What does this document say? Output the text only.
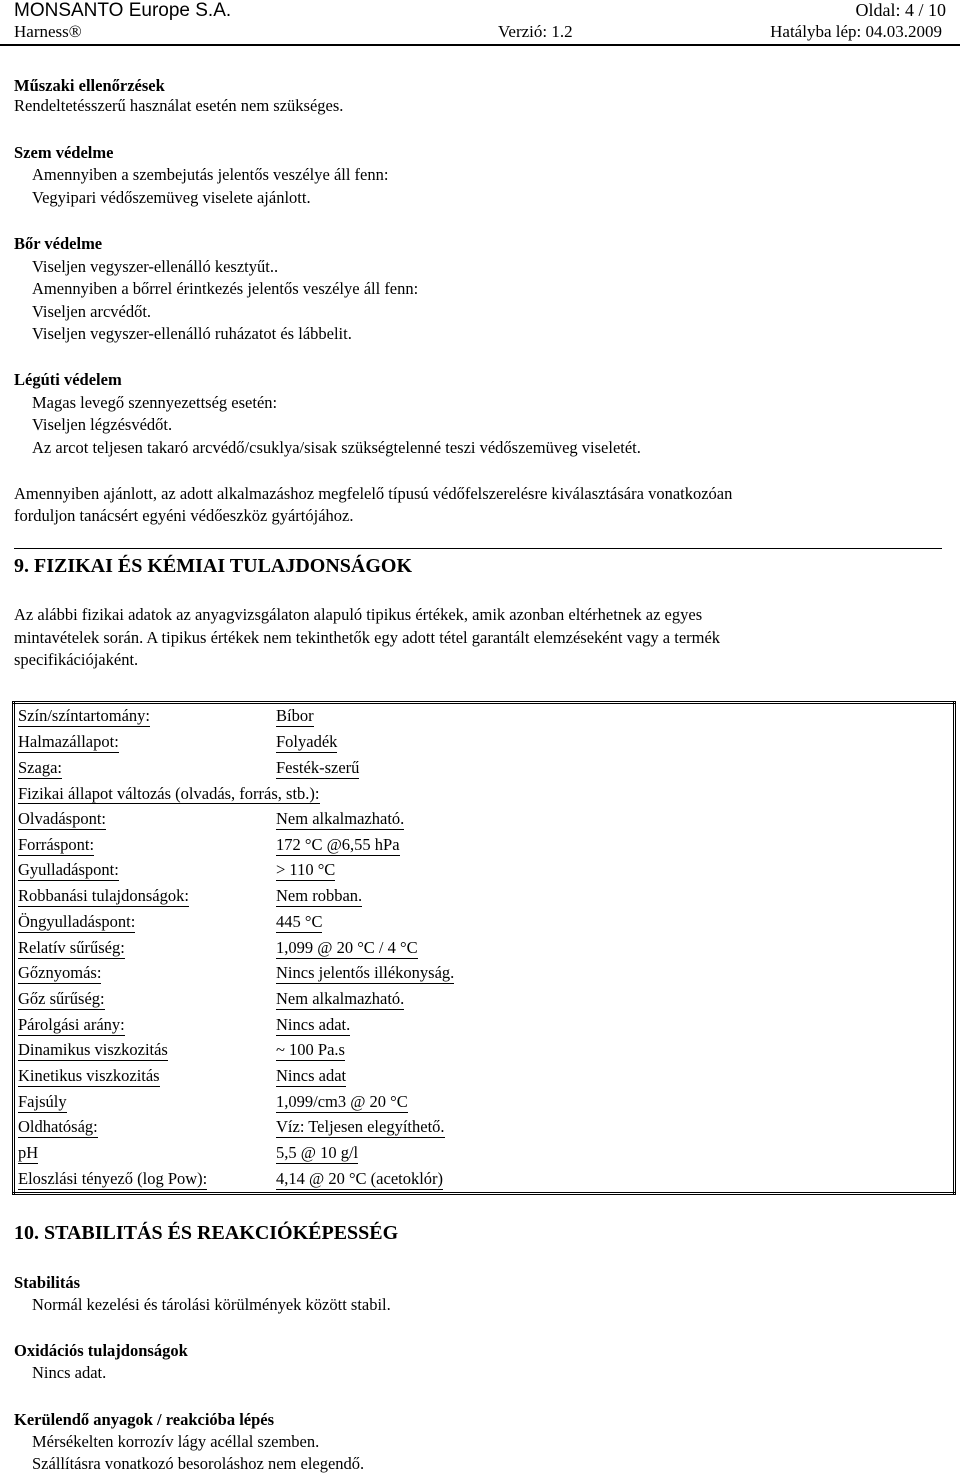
MONSANTO Europe S.A.	Oldal: 4 / 10
Harness®	Verzió: 1.2	Hatályba lép: 04.03.2009
Műszaki ellenőrzések
Rendeltetésszerű használat esetén nem szükséges.
Szem védelme
Amennyiben a szembejutás jelentős veszélye áll fenn:
Vegyipari védőszemüveg viselete ajánlott.
Bőr védelme
Viseljen vegyszer-ellenálló kesztyűt..
Amennyiben a bőrrel érintkezés jelentős veszélye áll fenn:
Viseljen arcvédőt.
Viseljen vegyszer-ellenálló ruházatot és lábbelit.
Légúti védelem
Magas levegő szennyezettség esetén:
Viseljen légzésvédőt.
Az arcot teljesen takaró arcvédő/csuklya/sisak szükségtelenné teszi védőszemüveg viseletét.
Amennyiben ajánlott, az adott alkalmazáshoz megfelelő típusú védőfelszerelésre kiválasztására vonatkozóan
forduljon tanácsért egyéni védőeszköz gyártójához.
9. FIZIKAI ÉS KÉMIAI TULAJDONSÁGOK
Az alábbi fizikai adatok az anyagvizsgálaton alapuló tipikus értékek, amik azonban eltérhetnek az egyes
mintavételek során. A tipikus értékek nem tekinthetők egy adott tétel garantált elemzéseként vagy a termék
specifikációjaként.
Szín/színtartomány:	Bíbor
Halmazállapot:	Folyadék
Szaga:	Festék-szerű
Fizikai állapot változás (olvadás, forrás, stb.):	
Olvadáspont:	Nem alkalmazható.
Forráspont:	172 °C @6,55 hPa
Gyulladáspont:	> 110 °C
Robbanási tulajdonságok:	Nem robban.
Öngyulladáspont:	445 °C
Relatív sűrűség:	1,099 @ 20 °C / 4 °C
Gőznyomás:	Nincs jelentős illékonyság.
Gőz sűrűség:	Nem alkalmazható.
Párolgási arány:	Nincs adat.
Dinamikus viszkozitás	~ 100 Pa.s
Kinetikus viszkozitás	Nincs adat
Fajsúly	1,099/cm3 @ 20 °C
Oldhatóság:	Víz: Teljesen elegyíthető.
pH	5,5 @ 10 g/l
Eloszlási tényező (log Pow):	4,14 @ 20 °C (acetoklór)
10. STABILITÁS ÉS REAKCIÓKÉPESSÉG
Stabilitás
Normál kezelési és tárolási körülmények között stabil.
Oxidációs tulajdonságok
Nincs adat.
Kerülendő anyagok / reakcióba lépés
Mérsékelten korrozív lágy acéllal szemben.
Szállításra vonatkozó besoroláshoz nem elegendő.
